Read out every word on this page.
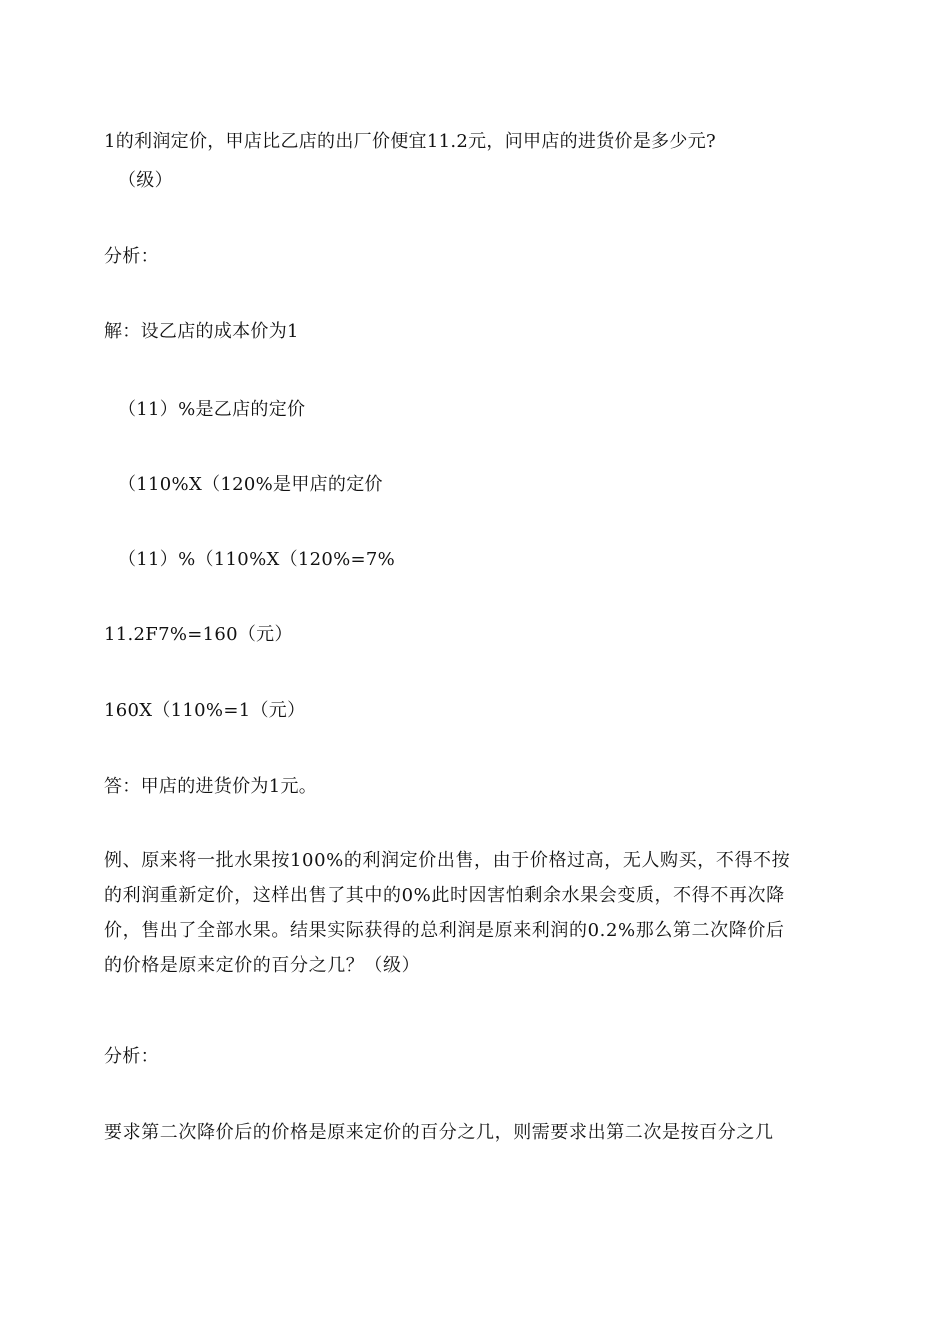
1的利润定价，甲店比乙店的出厂价便宜11.2元，问甲店的进货价是多少元?
（级）
分析：
解：设乙店的成本价为1
（11）%是乙店的定价
（110%X（120%是甲店的定价
（11）%（110%X（120%=7%
11.2F7%=160（元）
160X（110%=1（元）
答：甲店的进货价为1元。
例、原来将一批水果按100%的利润定价出售，由于价格过高，无人购买，不得不按
的利润重新定价，这样出售了其中的0%此时因害怕剩余水果会变质，不得不再次降
价，售出了全部水果。结果实际获得的总利润是原来利润的0.2%那么第二次降价后
的价格是原来定价的百分之几？（级）
分析：
要求第二次降价后的价格是原来定价的百分之几，则需要求出第二次是按百分之几
